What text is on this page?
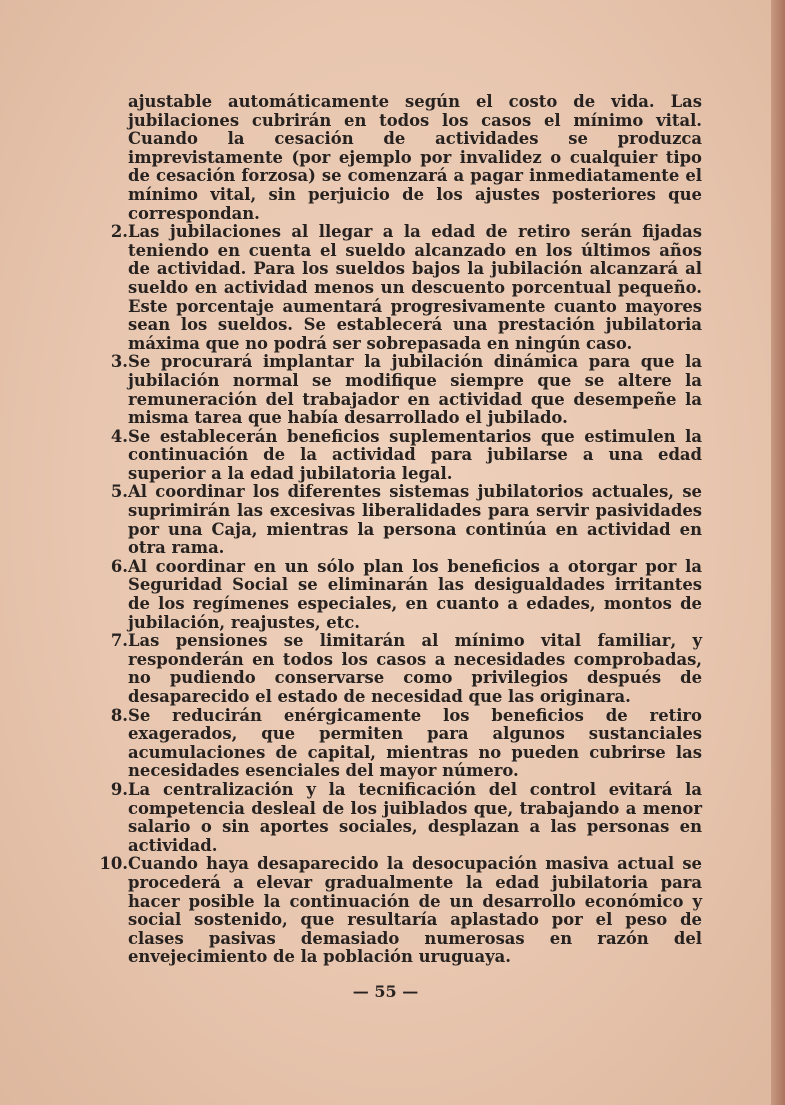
ajustable automáticamente según el costo de vida. Las jubilaciones cubrirán en todos los casos el mínimo vital. Cuando la cesación de actividades se produzca imprevistamente (por ejemplo por invalidez o cualquier tipo de cesación forzosa) se comenzará a pagar inmediatamente el mínimo vital, sin perjuicio de los ajustes posteriores que correspondan.
2. Las jubilaciones al llegar a la edad de retiro serán fijadas teniendo en cuenta el sueldo alcanzado en los últimos años de actividad. Para los sueldos bajos la jubilación alcanzará al sueldo en actividad menos un descuento porcentual pequeño. Este porcentaje aumentará progresivamente cuanto mayores sean los sueldos. Se establecerá una prestación jubilatoria máxima que no podrá ser sobrepasada en ningún caso.
3. Se procurará implantar la jubilación dinámica para que la jubilación normal se modifique siempre que se altere la remuneración del trabajador en actividad que desempeñe la misma tarea que había desarrollado el jubilado.
4. Se establecerán beneficios suplementarios que estimulen la continuación de la actividad para jubilarse a una edad superior a la edad jubilatoria legal.
5. Al coordinar los diferentes sistemas jubilatorios actuales, se suprimirán las excesivas liberalidades para servir pasividades por una Caja, mientras la persona continúa en actividad en otra rama.
6. Al coordinar en un sólo plan los beneficios a otorgar por la Seguridad Social se eliminarán las desigualdades irritantes de los regímenes especiales, en cuanto a edades, montos de jubilación, reajustes, etc.
7. Las pensiones se limitarán al mínimo vital familiar, y responderán en todos los casos a necesidades comprobadas, no pudiendo conservarse como privilegios después de desaparecido el estado de necesidad que las originara.
8. Se reducirán enérgicamente los beneficios de retiro exagerados, que permiten para algunos sustanciales acumulaciones de capital, mientras no pueden cubrirse las necesidades esenciales del mayor número.
9. La centralización y la tecnificación del control evitará la competencia desleal de los juiblados que, trabajando a menor salario o sin aportes sociales, desplazan a las personas en actividad.
10. Cuando haya desaparecido la desocupación masiva actual se procederá a elevar gradualmente la edad jubilatoria para hacer posible la continuación de un desarrollo económico y social sostenido, que resultaría aplastado por el peso de clases pasivas demasiado numerosas en razón del envejecimiento de la población uruguaya.
— 55 —
